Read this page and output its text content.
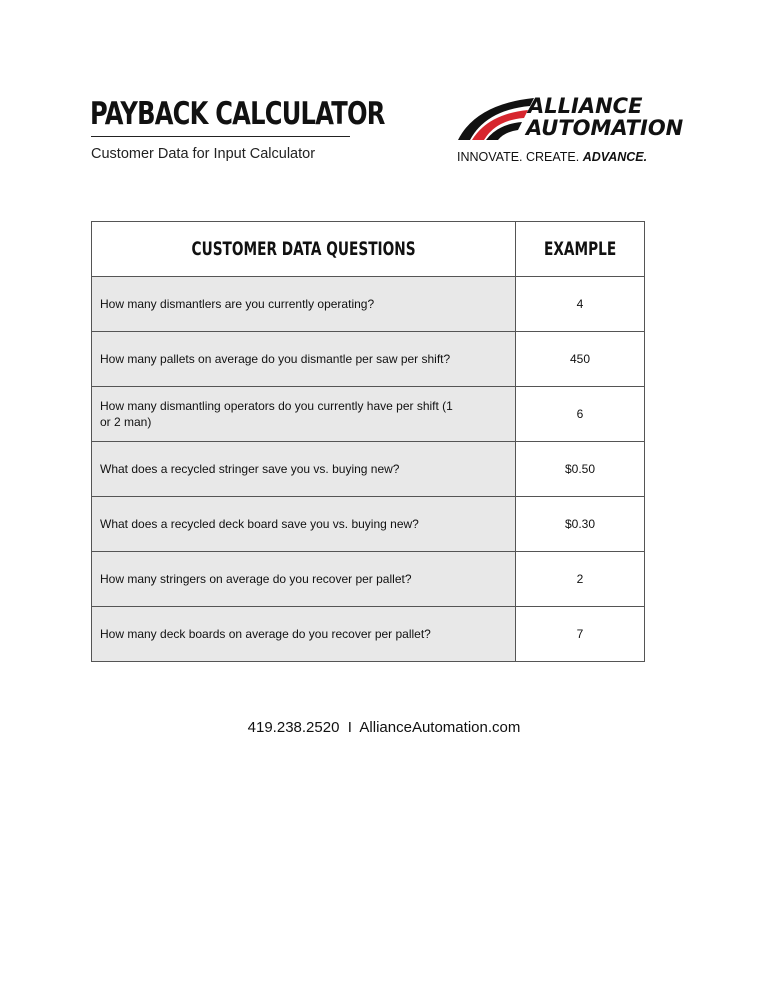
PAYBACK CALCULATOR
Customer Data for Input Calculator
ALLIANCE
AUTOMATION
INNOVATE. CREATE. ADVANCE.
CUSTOMER DATA QUESTIONS	EXAMPLE
How many dismantlers are you currently operating?	4
How many pallets on average do you dismantle per saw per shift?	450
How many dismantling operators do you currently have per shift (1 or 2 man)	6
What does a recycled stringer save you vs. buying new?	$0.50
What does a recycled deck board save you vs. buying new?	$0.30
How many stringers on average do you recover per pallet?	2
How many deck boards on average do you recover per pallet?	7
419.238.2520  I  AllianceAutomation.com
